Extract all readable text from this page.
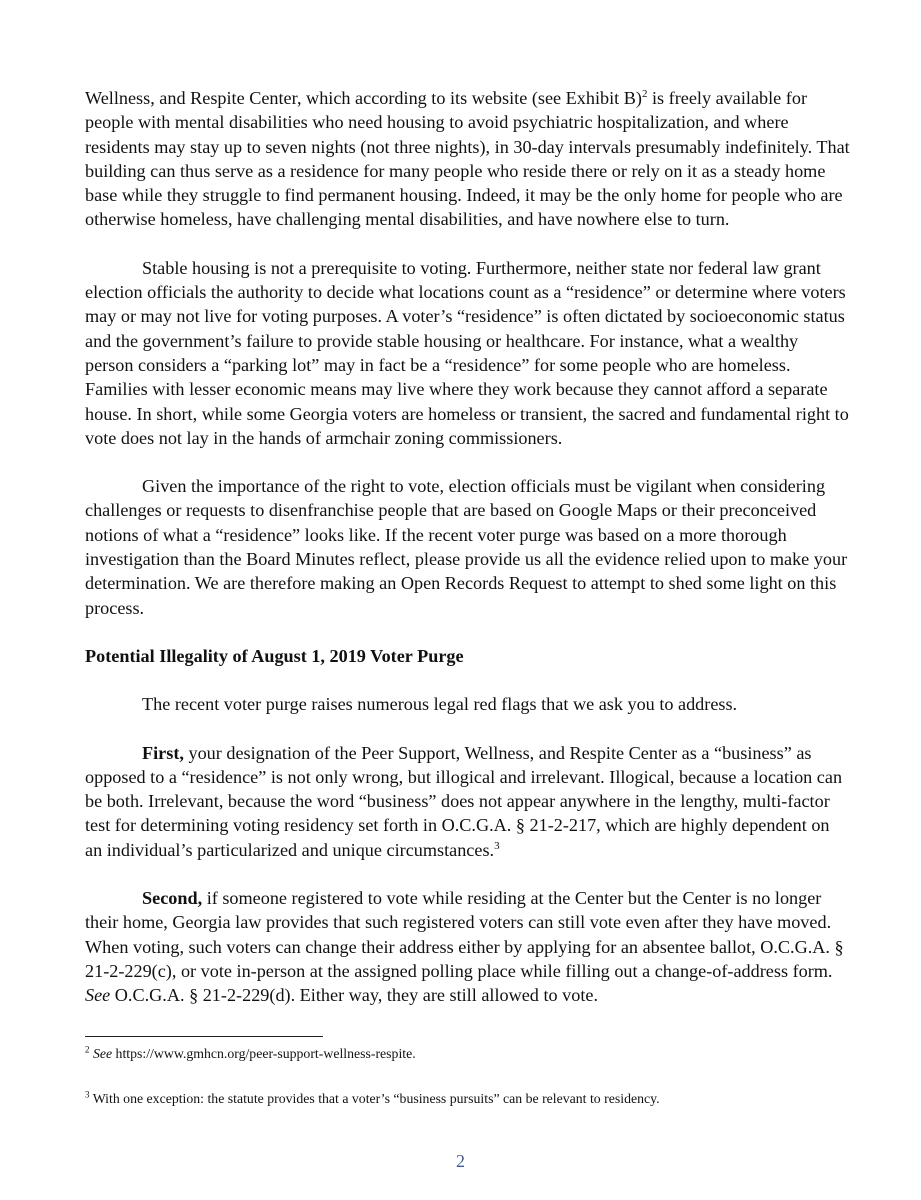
Wellness, and Respite Center, which according to its website (see Exhibit B)$^2$ is freely available for people with mental disabilities who need housing to avoid psychiatric hospitalization, and where residents may stay up to seven nights (not three nights), in 30-day intervals presumably indefinitely. That building can thus serve as a residence for many people who reside there or rely on it as a steady home base while they struggle to find permanent housing. Indeed, it may be the only home for people who are otherwise homeless, have challenging mental disabilities, and have nowhere else to turn.

Stable housing is not a prerequisite to voting. Furthermore, neither state nor federal law grant election officials the authority to decide what locations count as a “residence” or determine where voters may or may not live for voting purposes. A voter’s “residence” is often dictated by socioeconomic status and the government’s failure to provide stable housing or healthcare. For instance, what a wealthy person considers a “parking lot” may in fact be a “residence” for some people who are homeless. Families with lesser economic means may live where they work because they cannot afford a separate house. In short, while some Georgia voters are homeless or transient, the sacred and fundamental right to vote does not lay in the hands of armchair zoning commissioners.

Given the importance of the right to vote, election officials must be vigilant when considering challenges or requests to disenfranchise people that are based on Google Maps or their preconceived notions of what a “residence” looks like. If the recent voter purge was based on a more thorough investigation than the Board Minutes reflect, please provide us all the evidence relied upon to make your determination. We are therefore making an Open Records Request to attempt to shed some light on this process.

Potential Illegality of August 1, 2019 Voter Purge

The recent voter purge raises numerous legal red flags that we ask you to address.

First, your designation of the Peer Support, Wellness, and Respite Center as a “business” as opposed to a “residence” is not only wrong, but illogical and irrelevant. Illogical, because a location can be both. Irrelevant, because the word “business” does not appear anywhere in the lengthy, multi-factor test for determining voting residency set forth in O.C.G.A. § 21-2-217, which are highly dependent on an individual’s particularized and unique circumstances.$^3$

Second, if someone registered to vote while residing at the Center but the Center is no longer their home, Georgia law provides that such registered voters can still vote even after they have moved. When voting, such voters can change their address either by applying for an absentee ballot, O.C.G.A. § 21-2-229(c), or vote in-person at the assigned polling place while filling out a change-of-address form. See O.C.G.A. § 21-2-229(d). Either way, they are still allowed to vote.

$^2$ See https://www.gmhcn.org/peer-support-wellness-respite.
$^3$ With one exception: the statute provides that a voter’s “business pursuits” can be relevant to residency.
2
